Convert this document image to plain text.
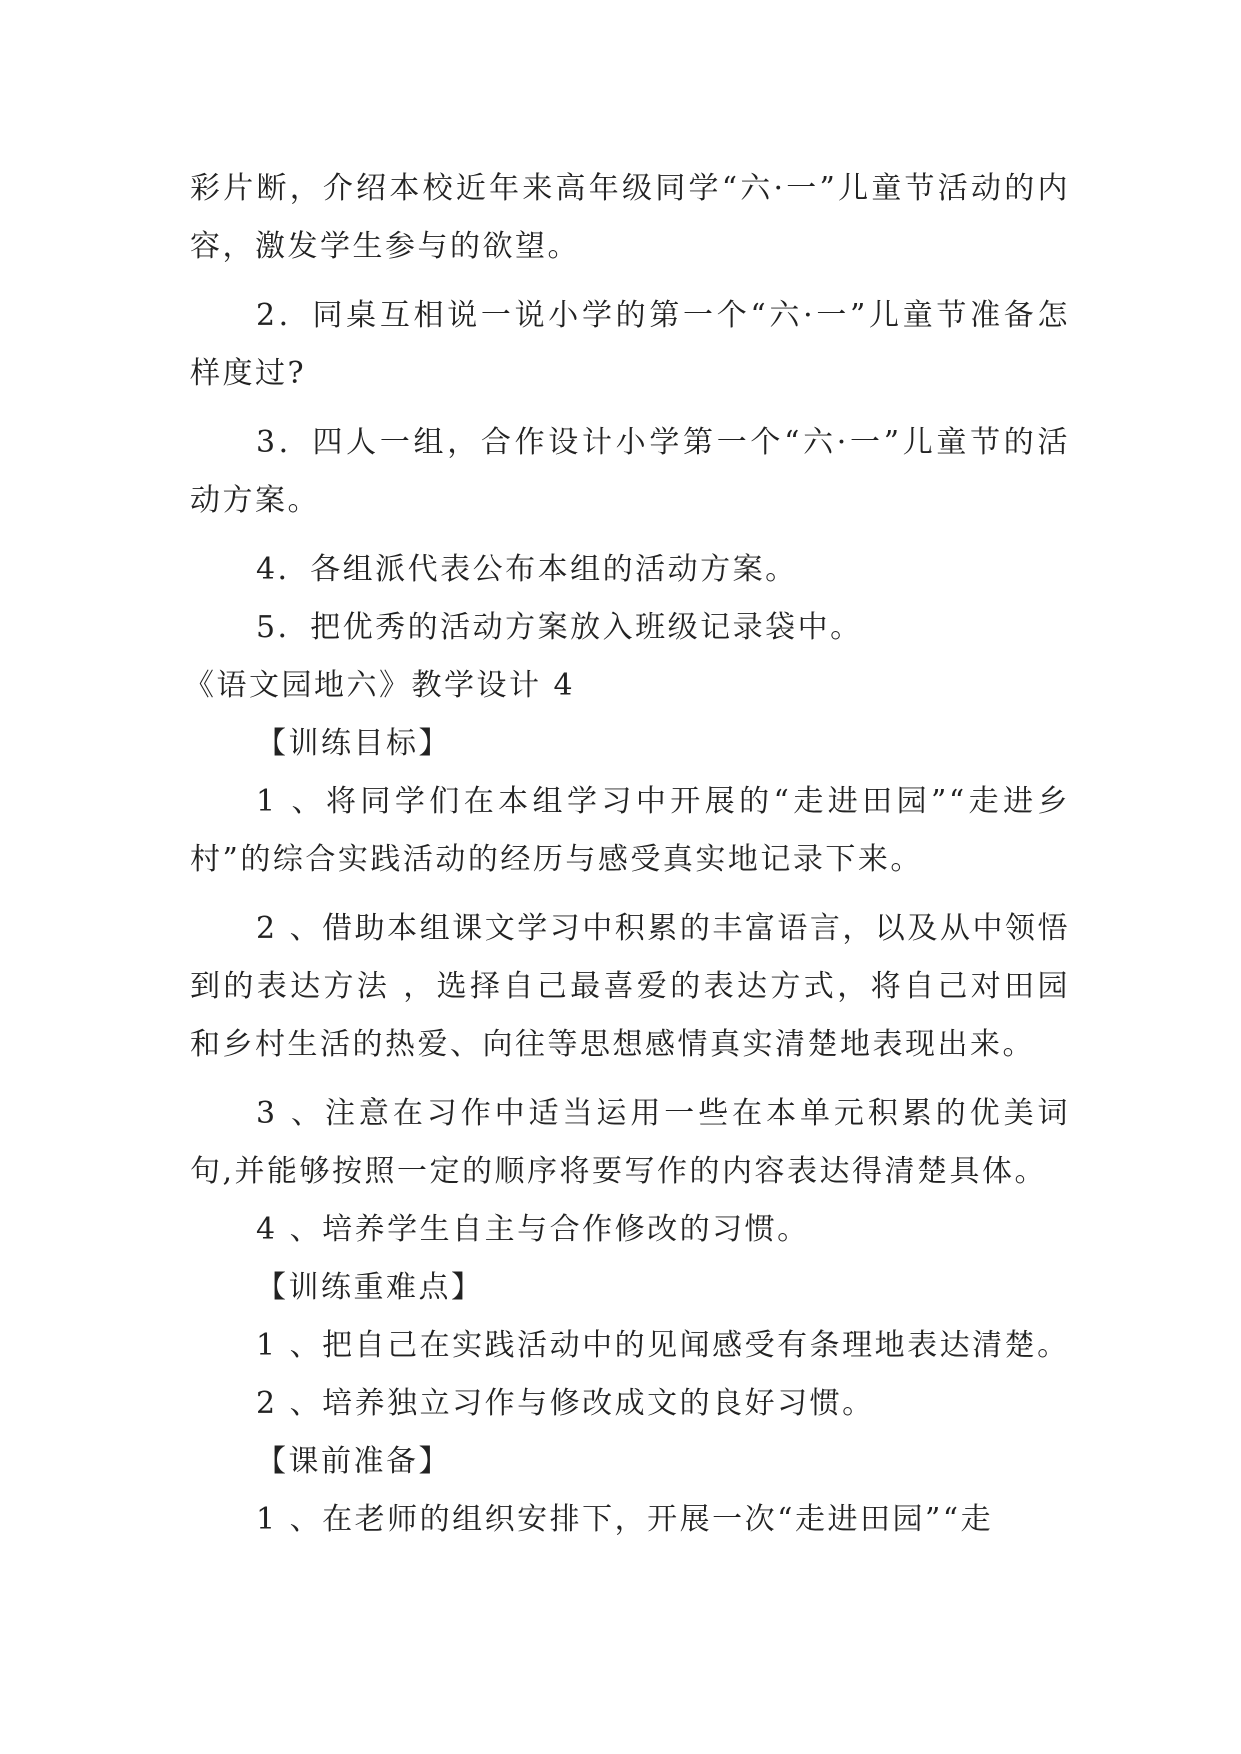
彩片断，介绍本校近年来高年级同学“六·一”儿童节活动的内容，激发学生参与的欲望。

2．同桌互相说一说小学的第一个“六·一”儿童节准备怎样度过?

3．四人一组，合作设计小学第一个“六·一”儿童节的活动方案。

4．各组派代表公布本组的活动方案。

5．把优秀的活动方案放入班级记录袋中。

《语文园地六》教学设计 4

【训练目标】

1 、将同学们在本组学习中开展的“走进田园”“走进乡村”的综合实践活动的经历与感受真实地记录下来。

2 、借助本组课文学习中积累的丰富语言，以及从中领悟到的表达方法 ，选择自己最喜爱的表达方式，将自己对田园和乡村生活的热爱、向往等思想感情真实清楚地表现出来。

3 、注意在习作中适当运用一些在本单元积累的优美词句,并能够按照一定的顺序将要写作的内容表达得清楚具体。

4 、培养学生自主与合作修改的习惯。

【训练重难点】

1 、把自己在实践活动中的见闻感受有条理地表达清楚。

2 、培养独立习作与修改成文的良好习惯。

【课前准备】

1 、在老师的组织安排下，开展一次“走进田园”“走
